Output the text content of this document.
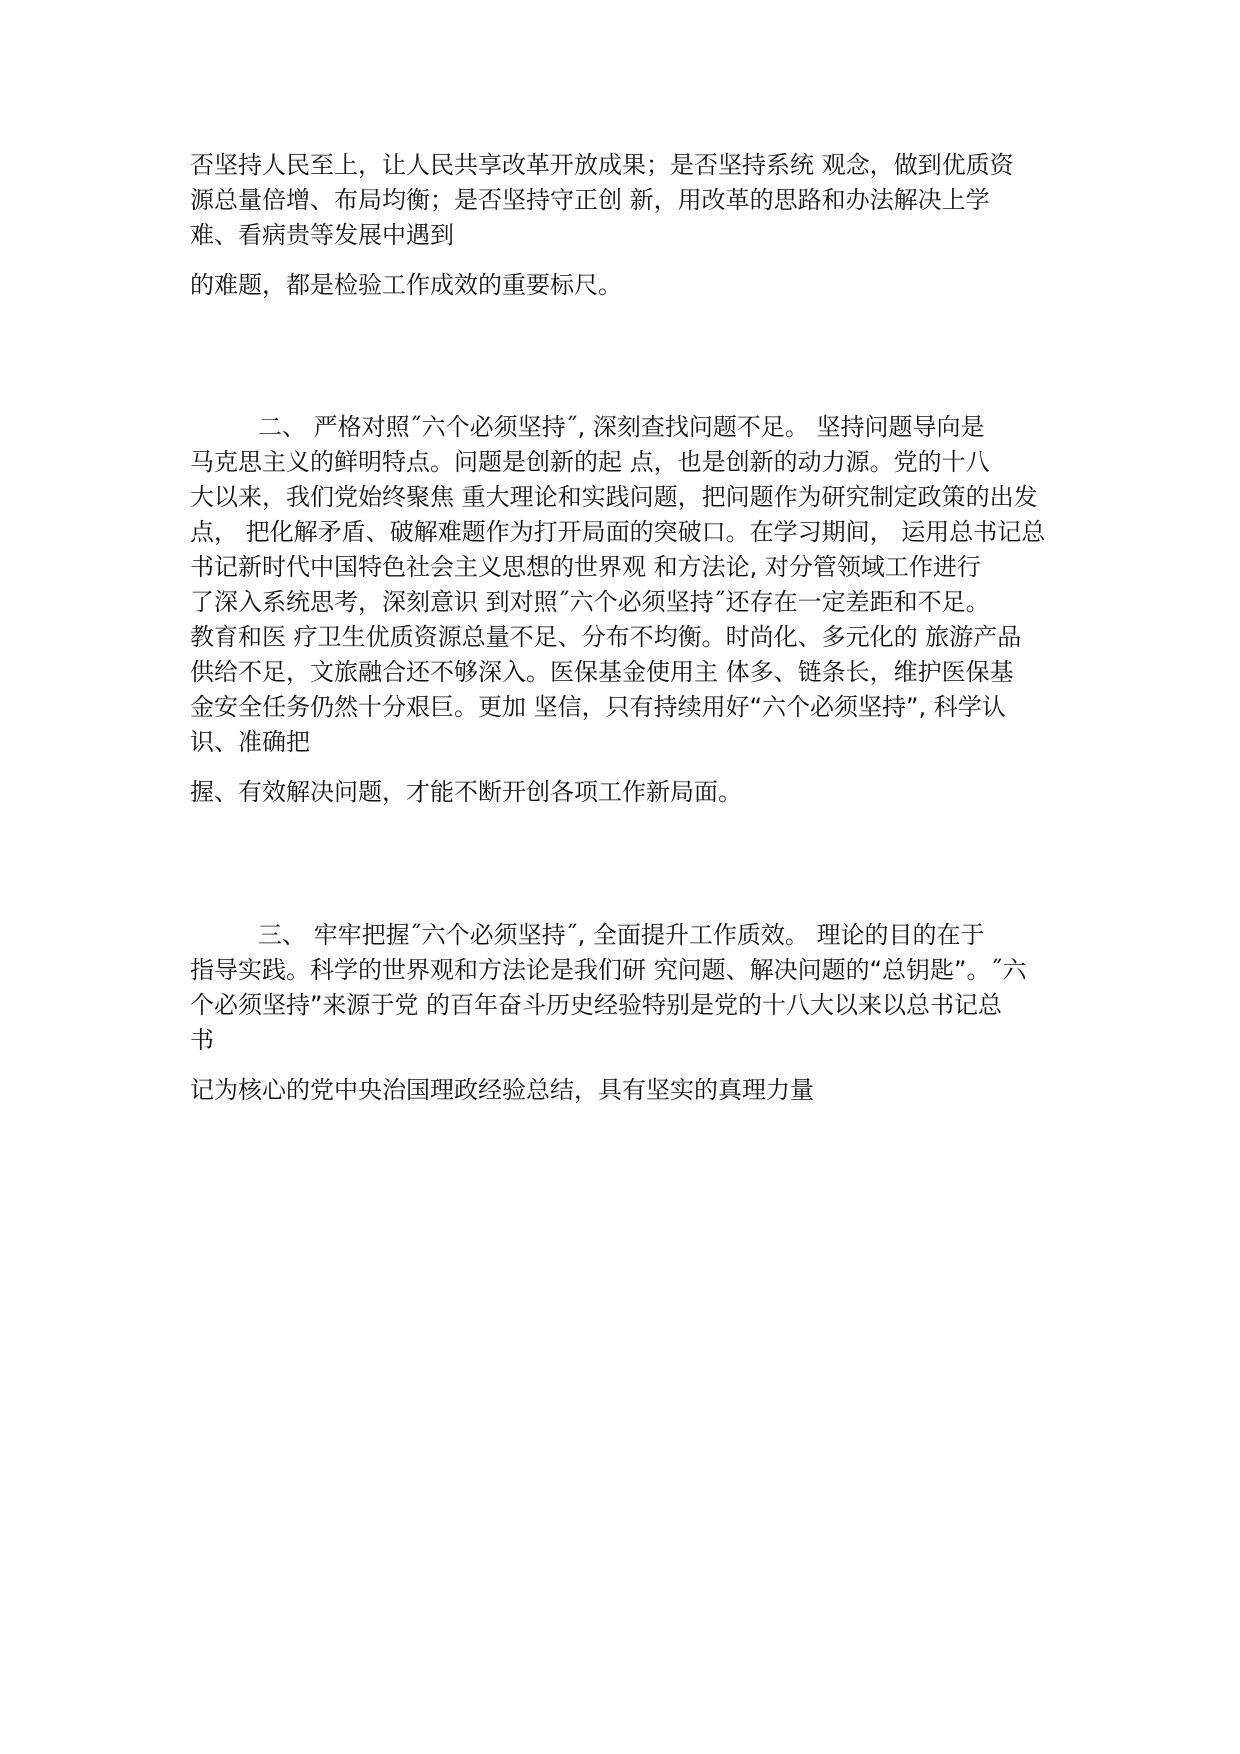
否坚持人民至上，让人民共享改革开放成果；是否坚持系统 观念，做到优质资
源总量倍增、布局均衡；是否坚持守正创 新，用改革的思路和办法解决上学
难、看病贵等发展中遇到
的难题，都是检验工作成效的重要标尺。
二、 严格对照˝六个必须坚持˝, 深刻查找问题不足。 坚持问题导向是
马克思主义的鲜明特点。问题是创新的起 点，也是创新的动力源。党的十八
大以来，我们党始终聚焦 重大理论和实践问题，把问题作为研究制定政策的出发
点， 把化解矛盾、破解难题作为打开局面的突破口。在学习期间， 运用总书记总
书记新时代中国特色社会主义思想的世界观 和方法论, 对分管领域工作进行
了深入系统思考，深刻意识 到对照˝六个必须坚持˝还存在一定差距和不足。
教育和医 疗卫生优质资源总量不足、分布不均衡。时尚化、多元化的 旅游产品
供给不足，文旅融合还不够深入。医保基金使用主 体多、链条长，维护医保基
金安全任务仍然十分艰巨。更加 坚信，只有持续用好“六个必须坚持”, 科学认
识、准确把
握、有效解决问题，才能不断开创各项工作新局面。
三、 牢牢把握˝六个必须坚持˝, 全面提升工作质效。 理论的目的在于
指导实践。科学的世界观和方法论是我们研 究问题、解决问题的“总钥匙”。˝六
个必须坚持”来源于党 的百年奋斗历史经验特别是党的十八大以来以总书记总
书
记为核心的党中央治国理政经验总结，具有坚实的真理力量
